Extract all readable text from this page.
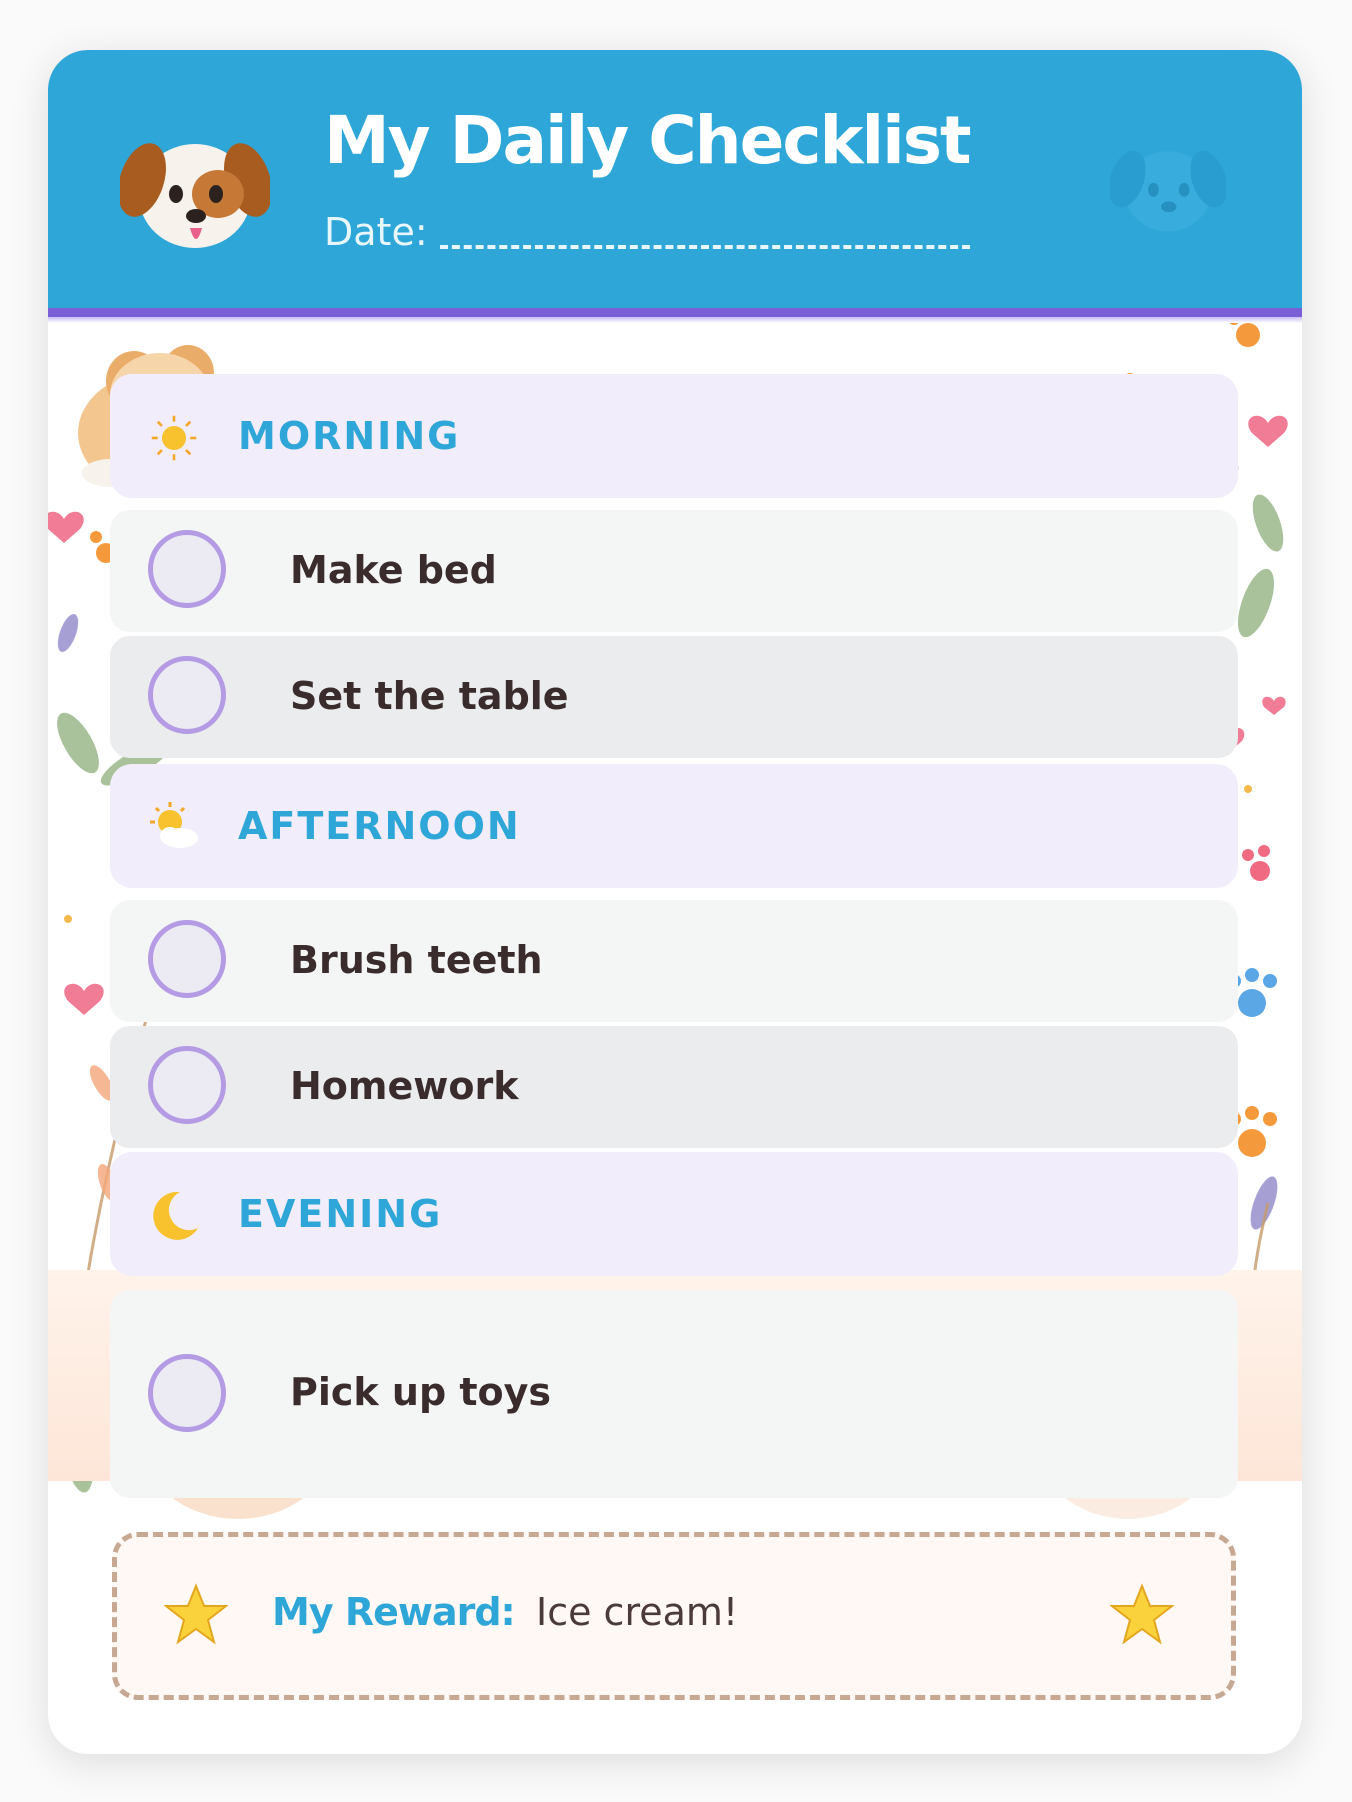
My Daily Checklist
Date:
MORNING
Make bed
Set the table
AFTERNOON
Brush teeth
Homework
EVENING
Pick up toys
My Reward: Ice cream!
